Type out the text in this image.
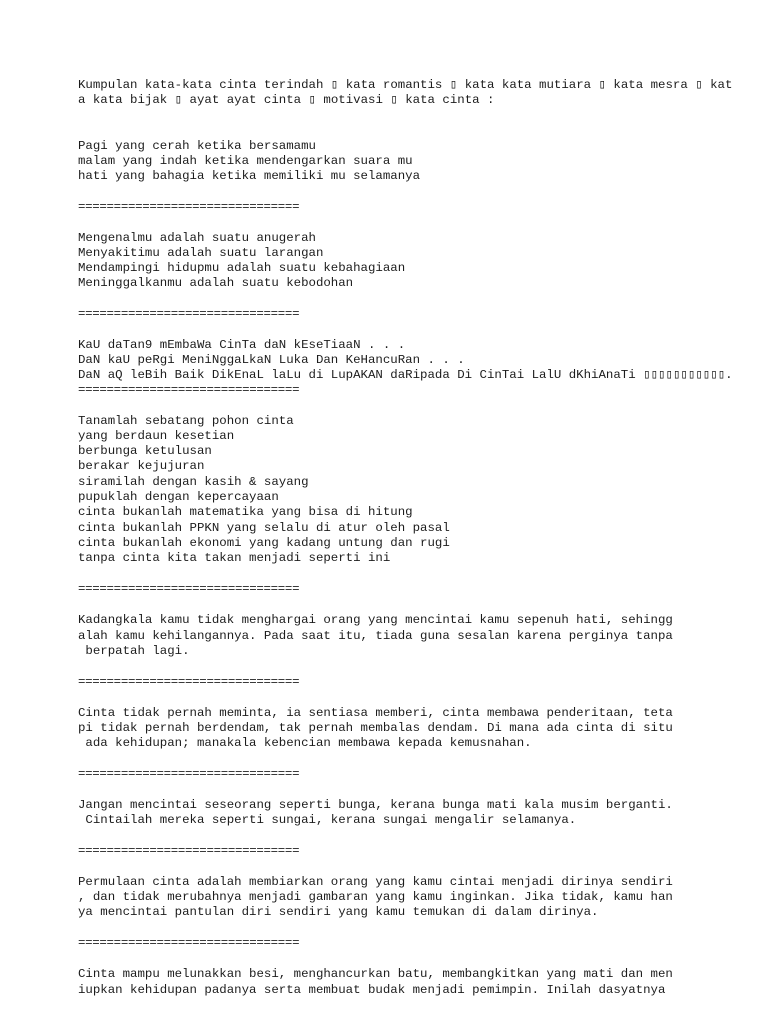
Kumpulan kata-kata cinta terindah ▯ kata romantis ▯ kata kata mutiara ▯ kata mesra ▯ kat

a kata bijak ▯ ayat ayat cinta ▯ motivasi ▯ kata cinta :

Pagi yang cerah ketika bersamamu

malam yang indah ketika mendengarkan suara mu

hati yang bahagia ketika memiliki mu selamanya

===============================

Mengenalmu adalah suatu anugerah

Menyakitimu adalah suatu larangan

Mendampingi hidupmu adalah suatu kebahagiaan

Meninggalkanmu adalah suatu kebodohan

===============================

KaU daTan9 mEmbaWa CinTa daN kEseTiaaN . . .

DaN kaU peRgi MeniNggaLkaN Luka Dan KeHancuRan . . .

DaN aQ leBih Baik DikEnaL laLu di LupAKAN daRipada Di CinTai LalU dKhiAnaTi ▯▯▯▯▯▯▯▯▯▯▯.

===============================

Tanamlah sebatang pohon cinta

yang berdaun kesetian

berbunga ketulusan

berakar kejujuran

siramilah dengan kasih & sayang

pupuklah dengan kepercayaan

cinta bukanlah matematika yang bisa di hitung

cinta bukanlah PPKN yang selalu di atur oleh pasal

cinta bukanlah ekonomi yang kadang untung dan rugi

tanpa cinta kita takan menjadi seperti ini

===============================

Kadangkala kamu tidak menghargai orang yang mencintai kamu sepenuh hati, sehingg

alah kamu kehilangannya. Pada saat itu, tiada guna sesalan karena perginya tanpa

berpatah lagi.

===============================

Cinta tidak pernah meminta, ia sentiasa memberi, cinta membawa penderitaan, teta

pi tidak pernah berdendam, tak pernah membalas dendam. Di mana ada cinta di situ

ada kehidupan; manakala kebencian membawa kepada kemusnahan.

===============================

Jangan mencintai seseorang seperti bunga, kerana bunga mati kala musim berganti.

Cintailah mereka seperti sungai, kerana sungai mengalir selamanya.

===============================

Permulaan cinta adalah membiarkan orang yang kamu cintai menjadi dirinya sendiri

, dan tidak merubahnya menjadi gambaran yang kamu inginkan. Jika tidak, kamu han

ya mencintai pantulan diri sendiri yang kamu temukan di dalam dirinya.

===============================

Cinta mampu melunakkan besi, menghancurkan batu, membangkitkan yang mati dan men

iupkan kehidupan padanya serta membuat budak menjadi pemimpin. Inilah dasyatnya
